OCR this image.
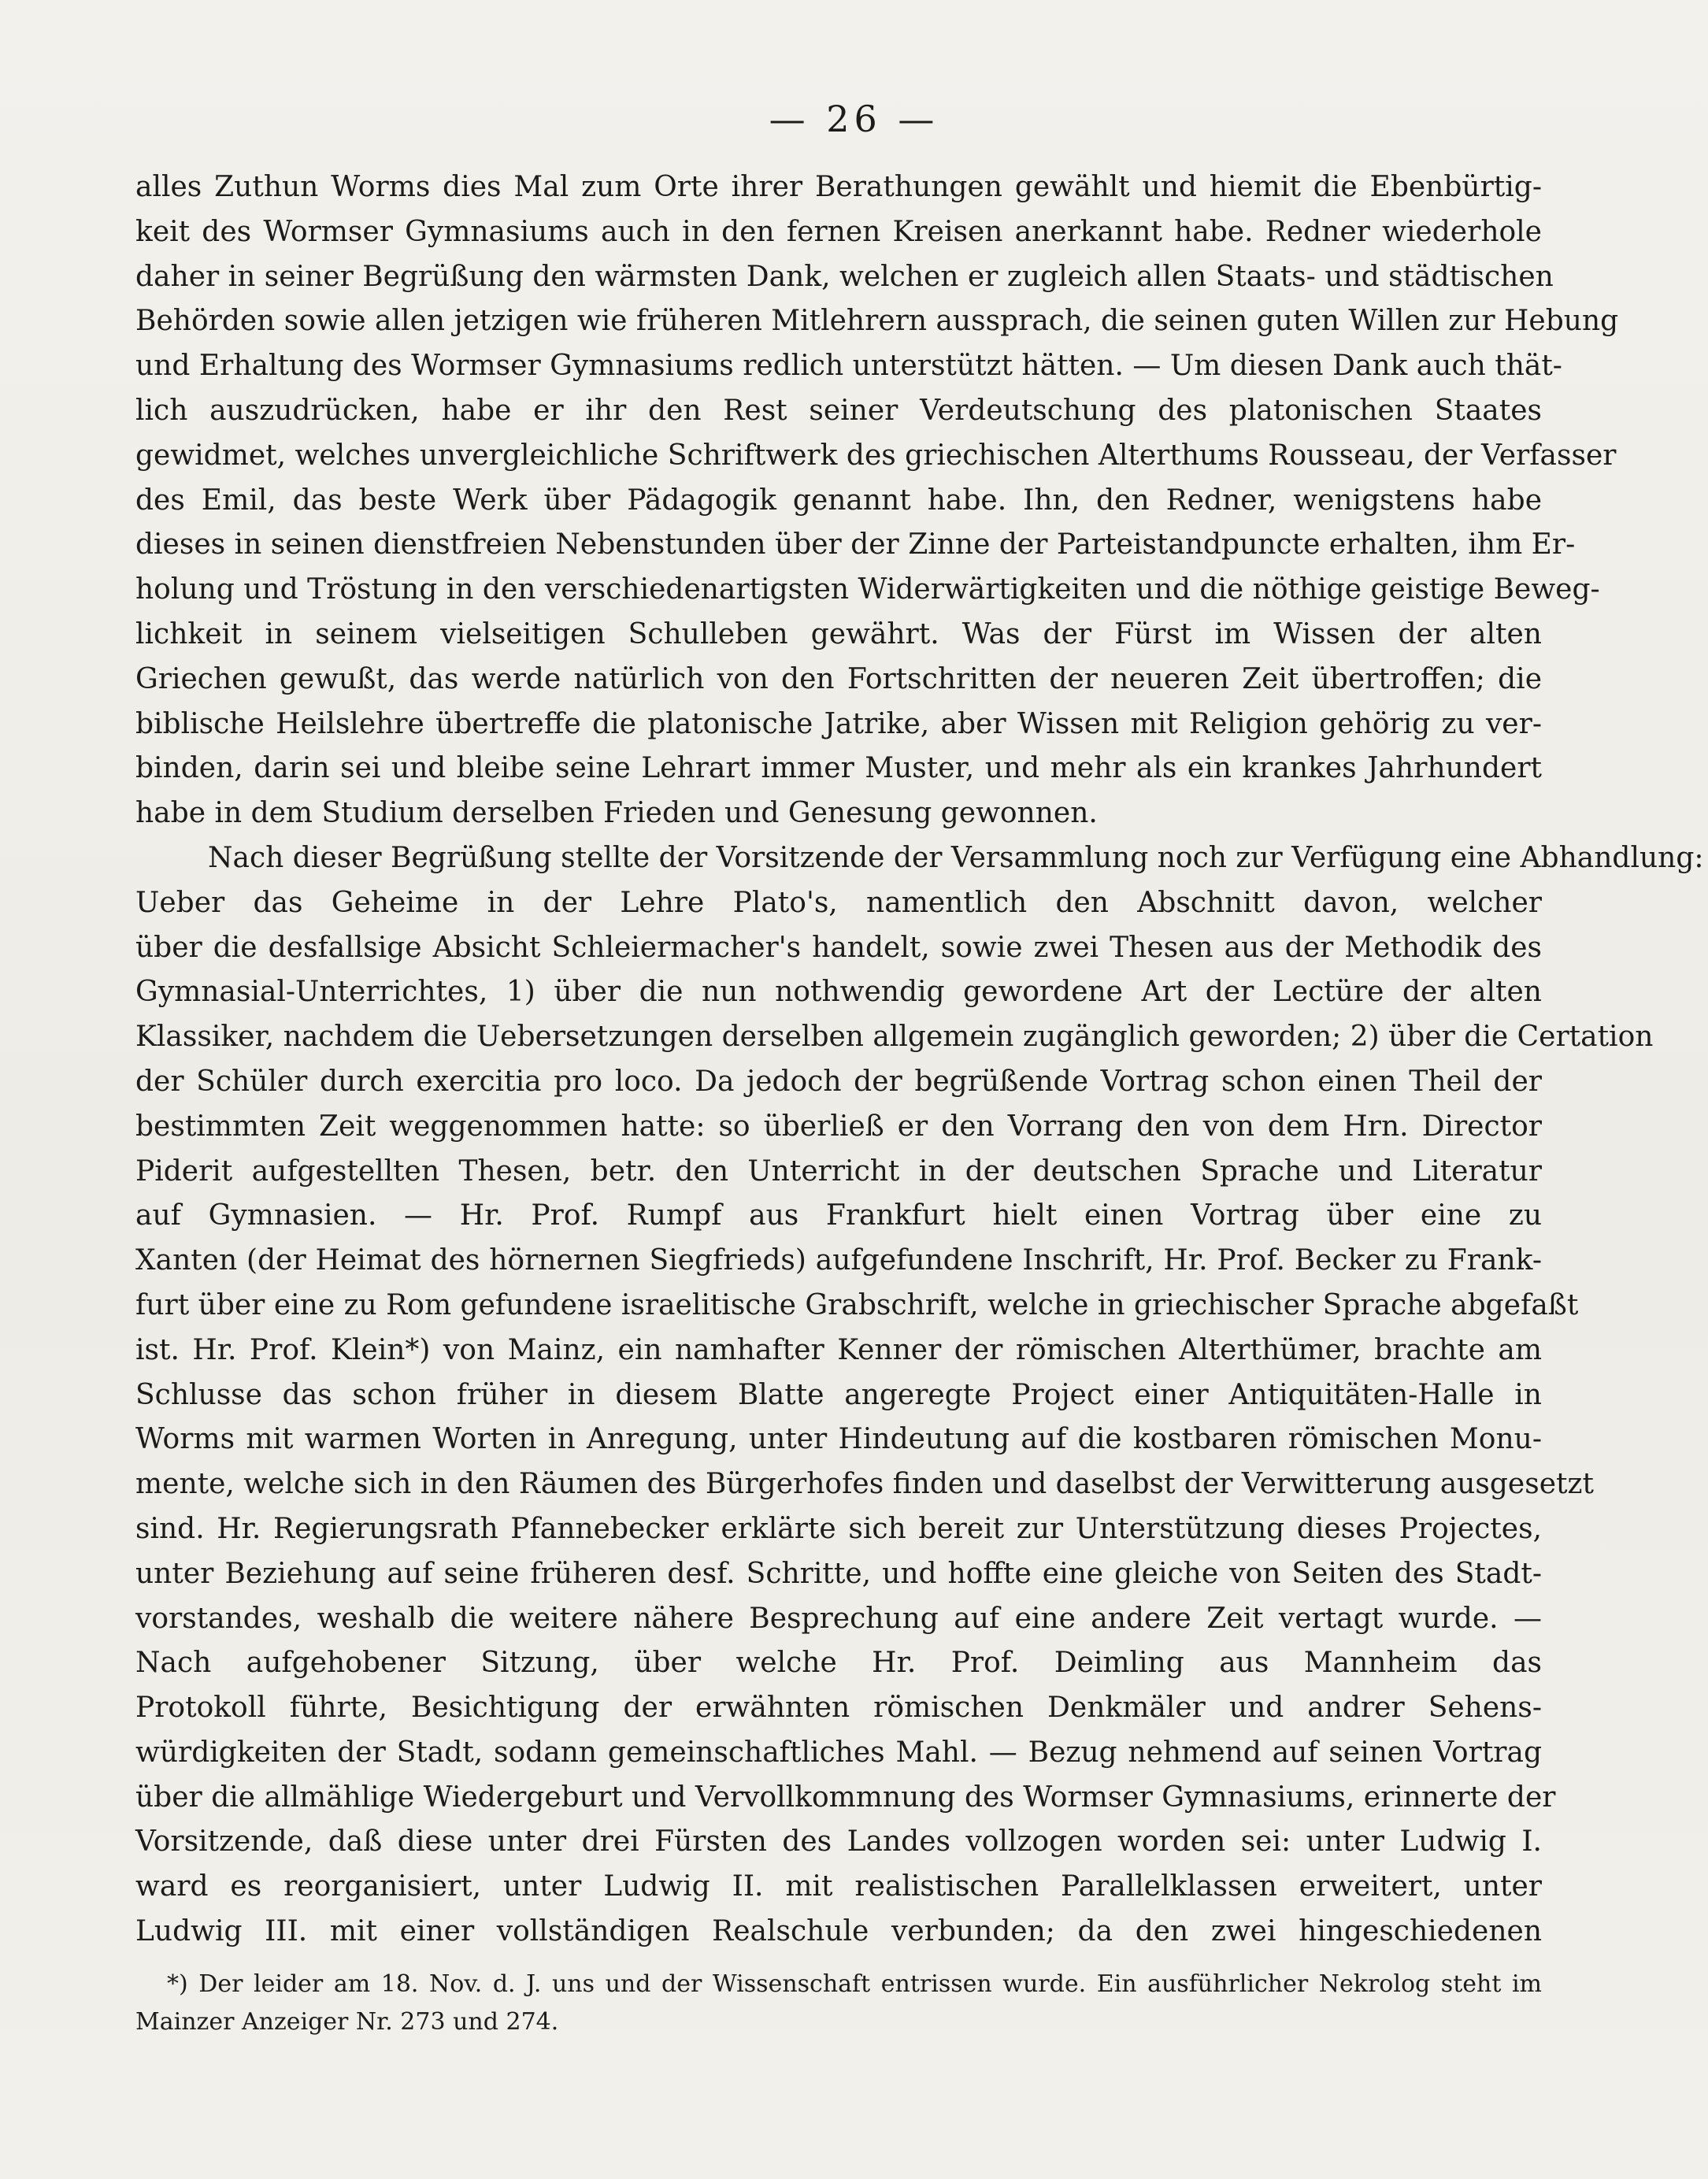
— 26 —
alles Zuthun Worms dies Mal zum Orte ihrer Berathungen gewählt und hiemit die Ebenbürtig-
keit des Wormser Gymnasiums auch in den fernen Kreisen anerkannt habe. Redner wiederhole
daher in seiner Begrüßung den wärmsten Dank, welchen er zugleich allen Staats- und städtischen
Behörden sowie allen jetzigen wie früheren Mitlehrern aussprach, die seinen guten Willen zur Hebung
und Erhaltung des Wormser Gymnasiums redlich unterstützt hätten. — Um diesen Dank auch thät-
lich auszudrücken, habe er ihr den Rest seiner Verdeutschung des platonischen Staates
gewidmet, welches unvergleichliche Schriftwerk des griechischen Alterthums Rousseau, der Verfasser
des Emil, das beste Werk über Pädagogik genannt habe. Ihn, den Redner, wenigstens habe
dieses in seinen dienstfreien Nebenstunden über der Zinne der Parteistandpuncte erhalten, ihm Er-
holung und Tröstung in den verschiedenartigsten Widerwärtigkeiten und die nöthige geistige Beweg-
lichkeit in seinem vielseitigen Schulleben gewährt. Was der Fürst im Wissen der alten
Griechen gewußt, das werde natürlich von den Fortschritten der neueren Zeit übertroffen; die
biblische Heilslehre übertreffe die platonische Jatrike, aber Wissen mit Religion gehörig zu ver-
binden, darin sei und bleibe seine Lehrart immer Muster, und mehr als ein krankes Jahrhundert
habe in dem Studium derselben Frieden und Genesung gewonnen.
Nach dieser Begrüßung stellte der Vorsitzende der Versammlung noch zur Verfügung eine Abhandlung:
Ueber das Geheime in der Lehre Plato's, namentlich den Abschnitt davon, welcher
über die desfallsige Absicht Schleiermacher's handelt, sowie zwei Thesen aus der Methodik des
Gymnasial-Unterrichtes, 1) über die nun nothwendig gewordene Art der Lectüre der alten
Klassiker, nachdem die Uebersetzungen derselben allgemein zugänglich geworden; 2) über die Certation
der Schüler durch exercitia pro loco. Da jedoch der begrüßende Vortrag schon einen Theil der
bestimmten Zeit weggenommen hatte: so überließ er den Vorrang den von dem Hrn. Director
Piderit aufgestellten Thesen, betr. den Unterricht in der deutschen Sprache und Literatur
auf Gymnasien. — Hr. Prof. Rumpf aus Frankfurt hielt einen Vortrag über eine zu
Xanten (der Heimat des hörnernen Siegfrieds) aufgefundene Inschrift, Hr. Prof. Becker zu Frank-
furt über eine zu Rom gefundene israelitische Grabschrift, welche in griechischer Sprache abgefaßt
ist. Hr. Prof. Klein*) von Mainz, ein namhafter Kenner der römischen Alterthümer, brachte am
Schlusse das schon früher in diesem Blatte angeregte Project einer Antiquitäten-Halle in
Worms mit warmen Worten in Anregung, unter Hindeutung auf die kostbaren römischen Monu-
mente, welche sich in den Räumen des Bürgerhofes finden und daselbst der Verwitterung ausgesetzt
sind. Hr. Regierungsrath Pfannebecker erklärte sich bereit zur Unterstützung dieses Projectes,
unter Beziehung auf seine früheren desf. Schritte, und hoffte eine gleiche von Seiten des Stadt-
vorstandes, weshalb die weitere nähere Besprechung auf eine andere Zeit vertagt wurde. —
Nach aufgehobener Sitzung, über welche Hr. Prof. Deimling aus Mannheim das
Protokoll führte, Besichtigung der erwähnten römischen Denkmäler und andrer Sehens-
würdigkeiten der Stadt, sodann gemeinschaftliches Mahl. — Bezug nehmend auf seinen Vortrag
über die allmählige Wiedergeburt und Vervollkommnung des Wormser Gymnasiums, erinnerte der
Vorsitzende, daß diese unter drei Fürsten des Landes vollzogen worden sei: unter Ludwig I.
ward es reorganisiert, unter Ludwig II. mit realistischen Parallelklassen erweitert, unter
Ludwig III. mit einer vollständigen Realschule verbunden; da den zwei hingeschiedenen
*) Der leider am 18. Nov. d. J. uns und der Wissenschaft entrissen wurde. Ein ausführlicher Nekrolog steht im
Mainzer Anzeiger Nr. 273 und 274.
